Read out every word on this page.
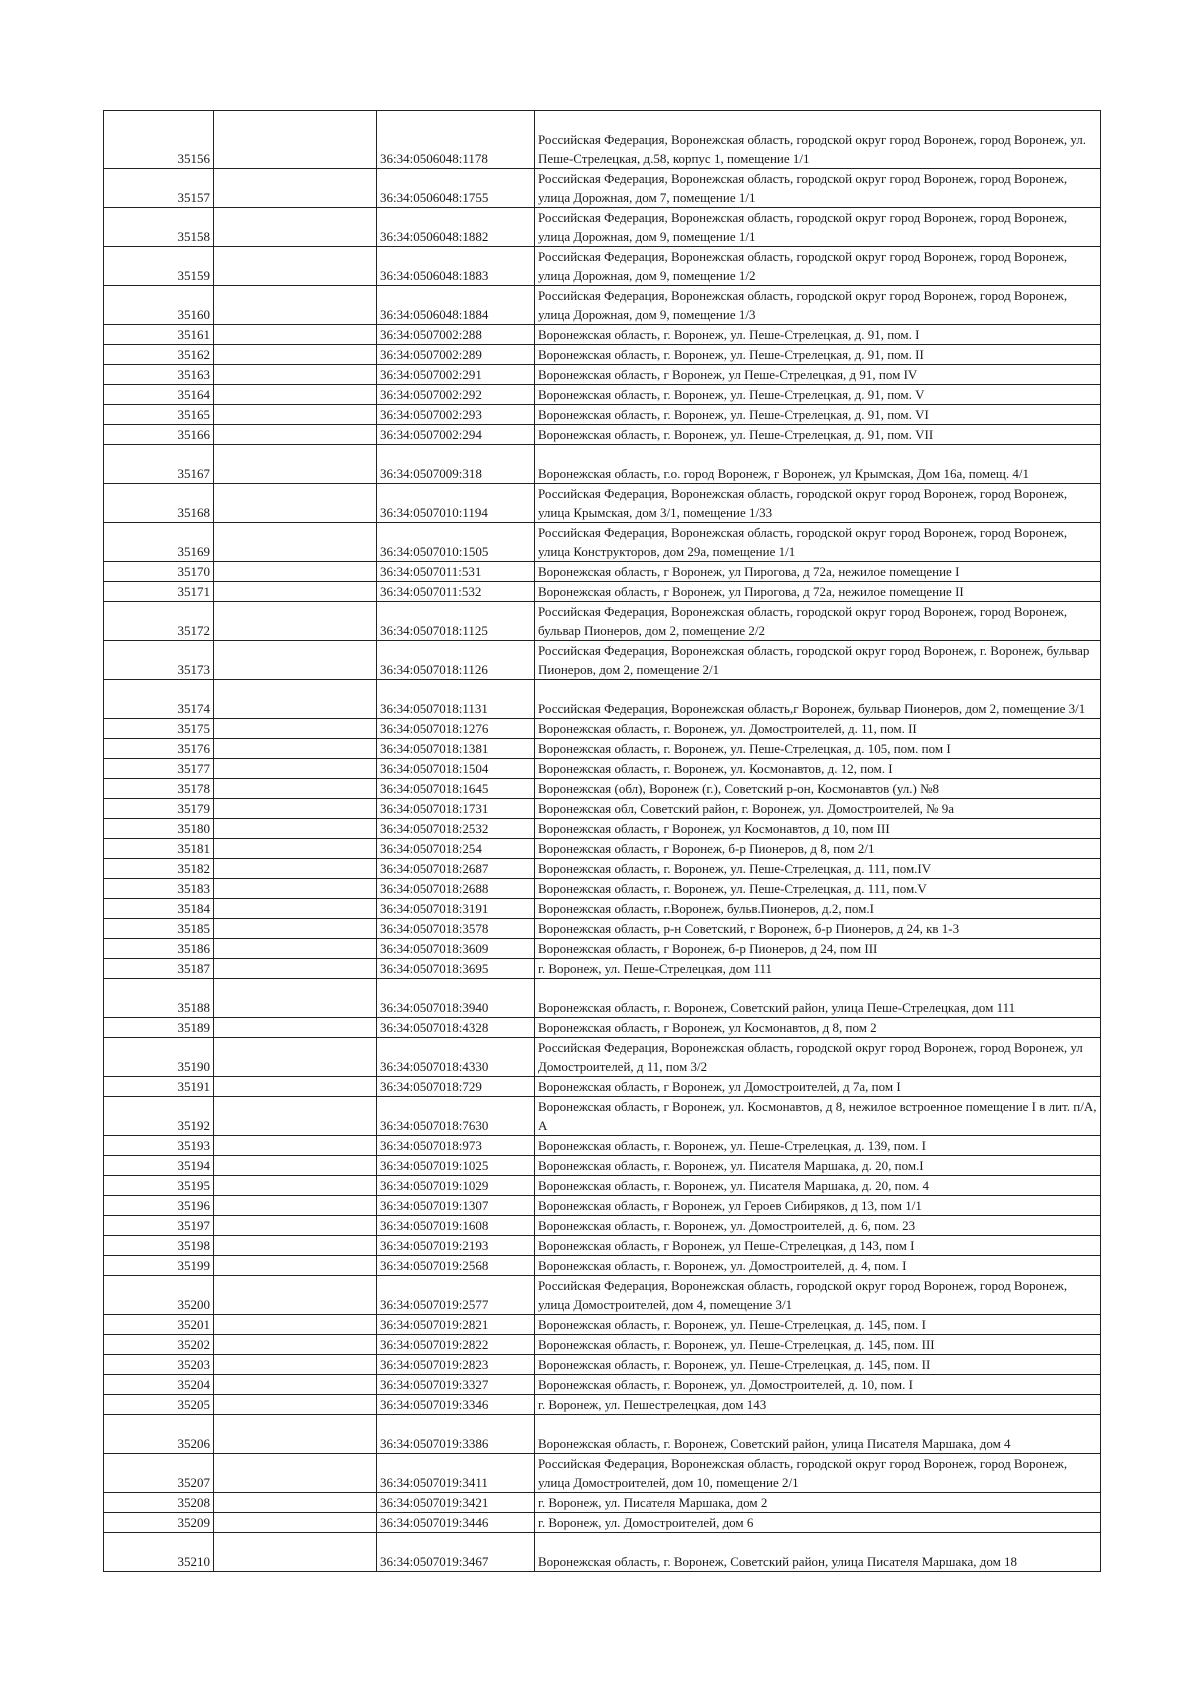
35156		36:34:0506048:1178	Российская Федерация, Воронежская область, городской округ город Воронеж, город Воронеж, ул. Пеше-Стрелецкая, д.58, корпус 1, помещение 1/1
35157		36:34:0506048:1755	Российская Федерация, Воронежская область, городской округ город Воронеж, город Воронеж, улица Дорожная, дом 7, помещение 1/1
35158		36:34:0506048:1882	Российская Федерация, Воронежская область, городской округ город Воронеж, город Воронеж, улица Дорожная, дом 9, помещение 1/1
35159		36:34:0506048:1883	Российская Федерация, Воронежская область, городской округ город Воронеж, город Воронеж, улица Дорожная, дом 9, помещение 1/2
35160		36:34:0506048:1884	Российская Федерация, Воронежская область, городской округ город Воронеж, город Воронеж, улица Дорожная, дом 9, помещение 1/3
35161		36:34:0507002:288	Воронежская область, г. Воронеж, ул. Пеше-Стрелецкая, д. 91, пом. I
35162		36:34:0507002:289	Воронежская область, г. Воронеж, ул. Пеше-Стрелецкая, д. 91, пом. II
35163		36:34:0507002:291	Воронежская область, г Воронеж, ул Пеше-Стрелецкая, д 91, пом IV
35164		36:34:0507002:292	Воронежская область, г. Воронеж, ул. Пеше-Стрелецкая, д. 91, пом. V
35165		36:34:0507002:293	Воронежская область, г. Воронеж, ул. Пеше-Стрелецкая, д. 91, пом. VI
35166		36:34:0507002:294	Воронежская область, г. Воронеж, ул. Пеше-Стрелецкая, д. 91, пом. VII
35167		36:34:0507009:318	Воронежская область, г.о. город Воронеж, г Воронеж, ул Крымская, Дом 16а, помещ. 4/1
35168		36:34:0507010:1194	Российская Федерация, Воронежская область, городской округ город Воронеж, город Воронеж, улица Крымская, дом 3/1, помещение 1/33
35169		36:34:0507010:1505	Российская Федерация, Воронежская область, городской округ город Воронеж, город Воронеж, улица Конструкторов, дом 29а, помещение 1/1
35170		36:34:0507011:531	Воронежская область, г Воронеж, ул Пирогова, д 72а, нежилое помещение I
35171		36:34:0507011:532	Воронежская область, г Воронеж, ул Пирогова, д 72а, нежилое помещение II
35172		36:34:0507018:1125	Российская Федерация, Воронежская область, городской округ город Воронеж, город Воронеж, бульвар Пионеров, дом 2, помещение 2/2
35173		36:34:0507018:1126	Российская Федерация, Воронежская область, городской округ город Воронеж, г. Воронеж, бульвар Пионеров, дом 2, помещение 2/1
35174		36:34:0507018:1131	Российская Федерация, Воронежская область,г Воронеж, бульвар Пионеров, дом 2, помещение 3/1
35175		36:34:0507018:1276	Воронежская область, г. Воронеж, ул. Домостроителей, д. 11, пом. II
35176		36:34:0507018:1381	Воронежская область, г. Воронеж, ул. Пеше-Стрелецкая, д. 105, пом. пом I
35177		36:34:0507018:1504	Воронежская область, г. Воронеж, ул. Космонавтов, д. 12, пом. I
35178		36:34:0507018:1645	Воронежская (обл), Воронеж (г.), Советский р-он, Космонавтов (ул.) №8
35179		36:34:0507018:1731	Воронежская обл, Советский район, г. Воронеж, ул. Домостроителей, № 9а
35180		36:34:0507018:2532	Воронежская область, г Воронеж, ул Космонавтов, д 10, пом III
35181		36:34:0507018:254	Воронежская область, г Воронеж, б-р Пионеров, д 8, пом 2/1
35182		36:34:0507018:2687	Воронежская область, г. Воронеж, ул. Пеше-Стрелецкая, д. 111, пом.IV
35183		36:34:0507018:2688	Воронежская область, г. Воронеж, ул. Пеше-Стрелецкая, д. 111, пом.V
35184		36:34:0507018:3191	Воронежская область, г.Воронеж, бульв.Пионеров, д.2, пом.I
35185		36:34:0507018:3578	Воронежская область, р-н Советский, г Воронеж, б-р Пионеров, д 24, кв 1-3
35186		36:34:0507018:3609	Воронежская область, г Воронеж, б-р Пионеров, д 24, пом III
35187		36:34:0507018:3695	г. Воронеж, ул. Пеше-Стрелецкая, дом 111
35188		36:34:0507018:3940	Воронежская область, г. Воронеж, Советский район, улица Пеше-Стрелецкая, дом 111
35189		36:34:0507018:4328	Воронежская область, г Воронеж, ул Космонавтов, д 8, пом 2
35190		36:34:0507018:4330	Российская Федерация, Воронежская область, городской округ город Воронеж, город Воронеж, ул Домостроителей, д 11, пом 3/2
35191		36:34:0507018:729	Воронежская область, г Воронеж, ул Домостроителей, д 7а, пом I
35192		36:34:0507018:7630	Воронежская область, г Воронеж, ул. Космонавтов, д 8, нежилое встроенное помещение I в лит. п/А, А
35193		36:34:0507018:973	Воронежская область, г. Воронеж, ул. Пеше-Стрелецкая, д. 139, пом. I
35194		36:34:0507019:1025	Воронежская область, г. Воронеж, ул. Писателя Маршака, д. 20, пом.I
35195		36:34:0507019:1029	Воронежская область, г. Воронеж, ул. Писателя Маршака, д. 20, пом. 4
35196		36:34:0507019:1307	Воронежская область, г Воронеж, ул Героев Сибиряков, д 13, пом 1/1
35197		36:34:0507019:1608	Воронежская область, г. Воронеж, ул. Домостроителей, д. 6, пом. 23
35198		36:34:0507019:2193	Воронежская область, г Воронеж, ул Пеше-Стрелецкая, д 143, пом I
35199		36:34:0507019:2568	Воронежская область, г. Воронеж, ул. Домостроителей, д. 4, пом. I
35200		36:34:0507019:2577	Российская Федерация, Воронежская область, городской округ город Воронеж, город Воронеж, улица Домостроителей, дом 4, помещение 3/1
35201		36:34:0507019:2821	Воронежская область, г. Воронеж, ул. Пеше-Стрелецкая, д. 145, пом. I
35202		36:34:0507019:2822	Воронежская область, г. Воронеж, ул. Пеше-Стрелецкая, д. 145, пом. III
35203		36:34:0507019:2823	Воронежская область, г. Воронеж, ул. Пеше-Стрелецкая, д. 145, пом. II
35204		36:34:0507019:3327	Воронежская область, г. Воронеж, ул. Домостроителей, д. 10, пом. I
35205		36:34:0507019:3346	г. Воронеж, ул. Пешестрелецкая, дом 143
35206		36:34:0507019:3386	Воронежская область, г. Воронеж, Советский район, улица Писателя Маршака, дом 4
35207		36:34:0507019:3411	Российская Федерация, Воронежская область, городской округ город Воронеж, город Воронеж, улица Домостроителей, дом 10, помещение 2/1
35208		36:34:0507019:3421	г. Воронеж, ул. Писателя Маршака, дом 2
35209		36:34:0507019:3446	г. Воронеж, ул. Домостроителей, дом 6
35210		36:34:0507019:3467	Воронежская область, г. Воронеж, Советский район, улица Писателя Маршака, дом 18
